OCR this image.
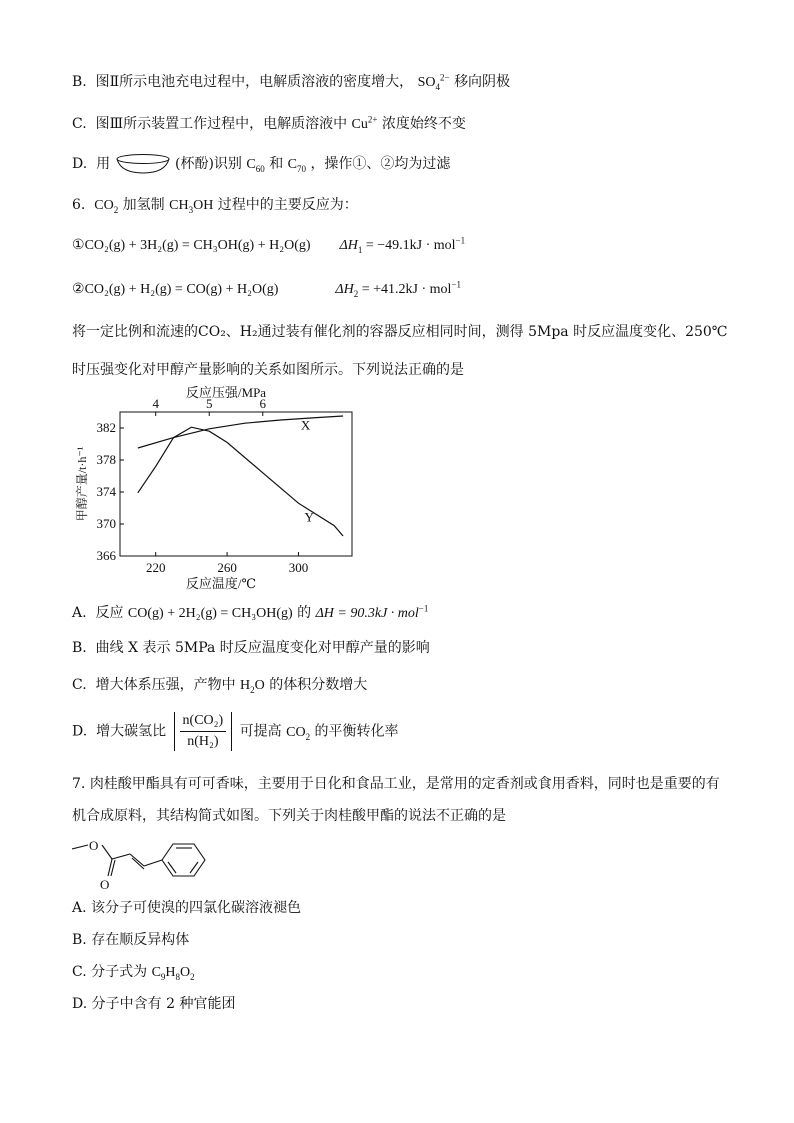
B. 图Ⅱ所示电池充电过程中，电解质溶液的密度增大， $SO_4^{2-}$ 移向阴极
C. 图Ⅲ所示装置工作过程中，电解质溶液中 $Cu^{2+}$ 浓度始终不变
D. 用	(杯酚)识别 $C_{60}$ 和 $C_{70}$ ，操作①、②均为过滤
6. $CO_2$ 加氢制 $CH_3OH$ 过程中的主要反应为：
①CO₂(g) + 3H₂(g) = CH₃OH(g) + H₂O(g) $\Delta H_1 = -49.1kJ \cdot mol^{-1}$
②CO₂(g) + H₂(g) = CO(g) + H₂O(g)	$\Delta H_2 = +41.2kJ \cdot mol^{-1}$
将一定比例和流速的CO₂、H₂通过装有催化剂的容器反应相同时间，测得 5Mpa 时反应温度变化、250℃
时压强变化对甲醇产量影响的关系如图所示。下列说法正确的是
366
370
374
378
382
220	260	300
4	5	6
反应压强/MPa
反应温度/℃
甲醇产量/t·h⁻¹
X
Y
A. 反应 CO(g) + 2H₂(g) = CH₃OH(g) 的 ΔH = 90.3kJ · mol$^{-1}$
B. 曲线 X 表示 5MPa 时反应温度变化对甲醇产量的影响
C. 增大体系压强，产物中 $H_2O$ 的体积分数增大
D. 增大碳氢比 $\frac{\text{n(CO₂)}}{\text{n(H₂)}}$ 可提高 $CO_2$ 的平衡转化率
7. 肉桂酸甲酯具有可可香味，主要用于日化和食品工业，是常用的定香剂或食用香料，同时也是重要的有
机合成原料，其结构简式如图。下列关于肉桂酸甲酯的说法不正确的是
O
O
A. 该分子可使溴的四氯化碳溶液褪色
B. 存在顺反异构体
C. 分子式为 $C_9H_8O_2$
D. 分子中含有 2 种官能团
